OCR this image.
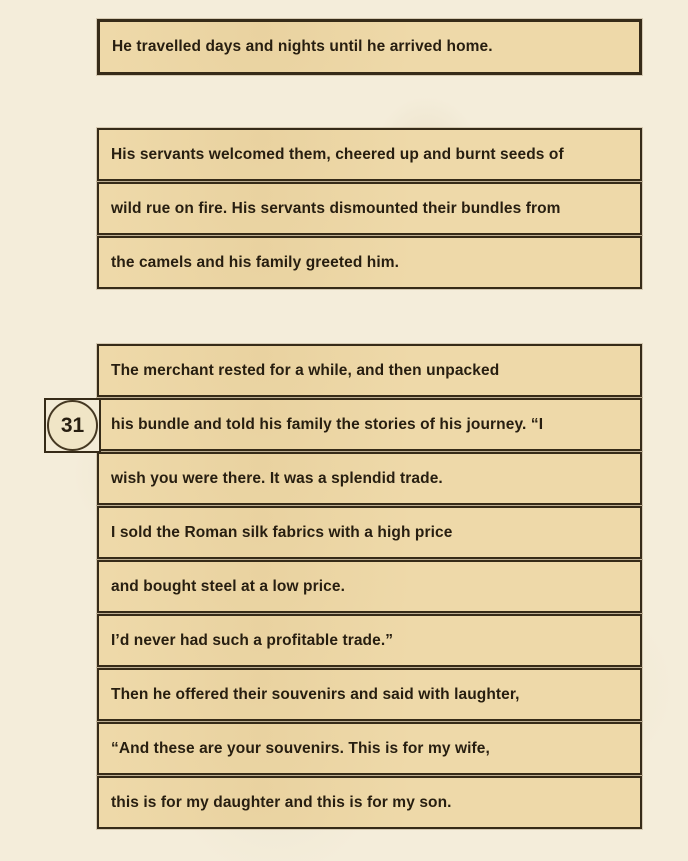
He travelled days and nights until he arrived home.
His servants welcomed them, cheered up and burnt seeds of
wild rue on fire. His servants dismounted their bundles from
the camels and his family greeted him.
The merchant rested for a while, and then unpacked
his bundle and told his family the stories of his journey. “I
wish you were there. It was a splendid trade.
I sold the Roman silk fabrics with a high price
and bought steel at a low price.
I’d never had such a profitable trade.”
Then he offered their souvenirs and said with laughter,
“And these are your souvenirs. This is for my wife,
this is for my daughter and this is for my son.
31
